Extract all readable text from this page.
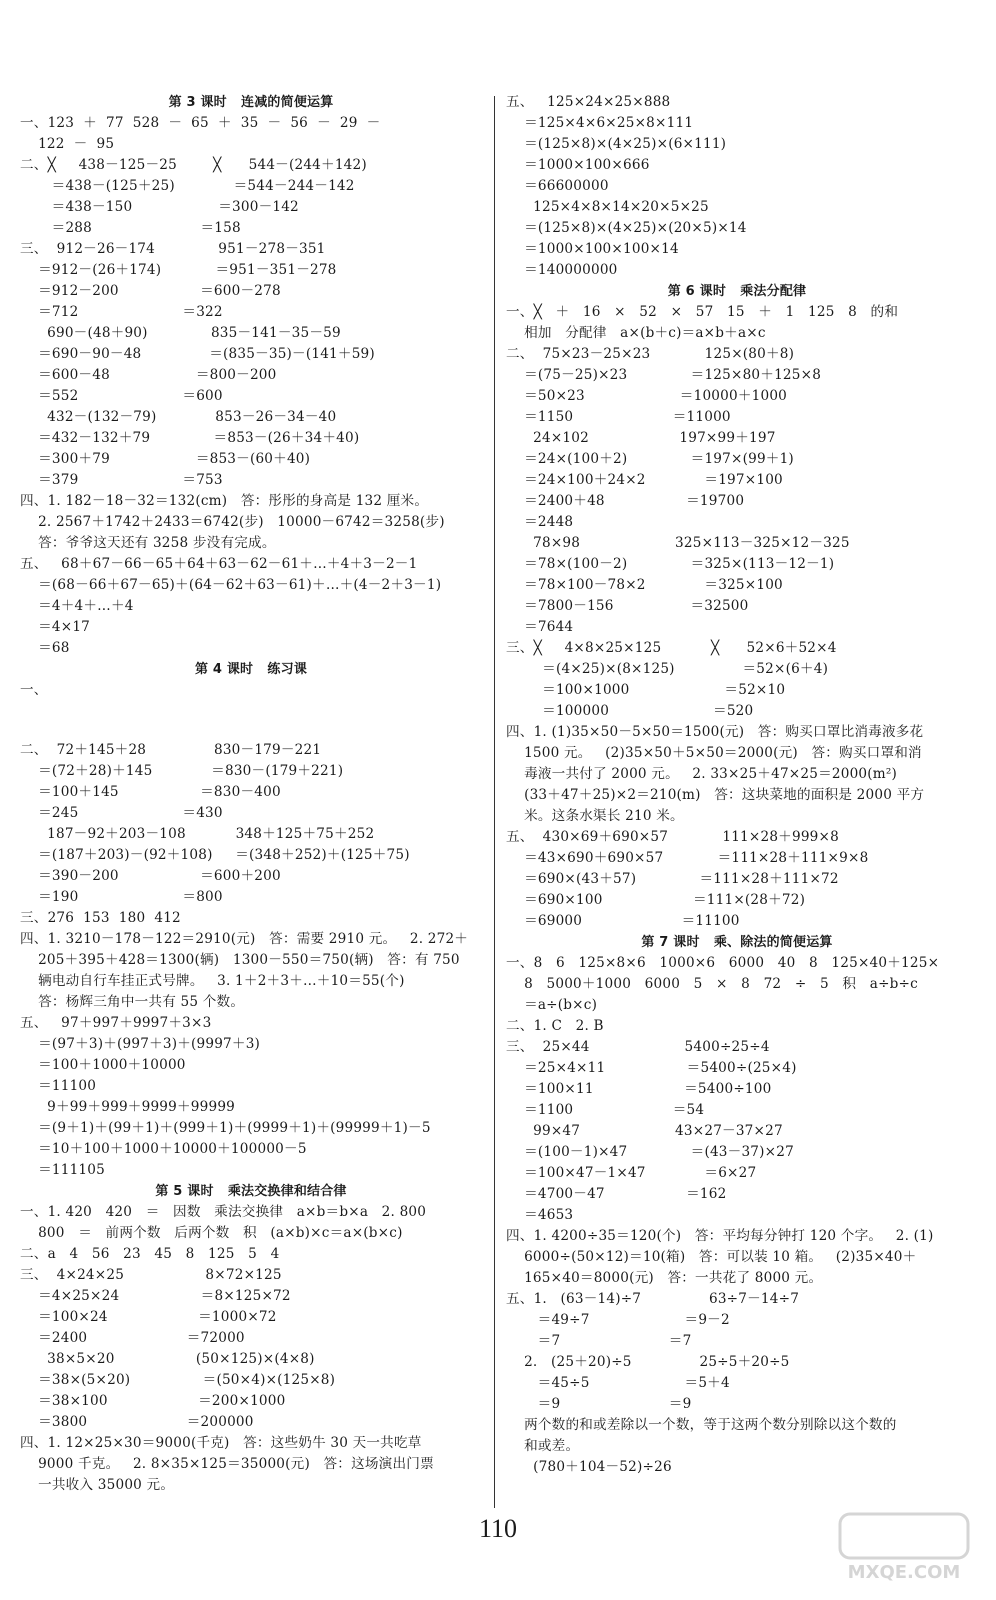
第 3 课时   连减的简便运算
一、123  ＋  77  528  －  65  ＋  35  －  56  －  29  －
122  －  95
二、╳     438－125－25        ╳      544－(244＋142)
＝438－(125＋25)             ＝544－244－142
＝438－150                   ＝300－142
＝288                        ＝158
三、  912－26－174              951－278－351
＝912－(26＋174)            ＝951－351－278
＝912－200                  ＝600－278
＝712                       ＝322
690－(48＋90)              835－141－35－59
＝690－90－48               ＝(835－35)－(141＋59)
＝600－48                   ＝800－200
＝552                       ＝600
432－(132－79)             853－26－34－40
＝432－132＋79              ＝853－(26＋34＋40)
＝300＋79                   ＝853－(60＋40)
＝379                       ＝753
四、1. 182－18－32＝132(cm)   答：彤彤的身高是 132 厘米。
2. 2567＋1742＋2433＝6742(步)   10000－6742＝3258(步)
答：爷爷这天还有 3258 步没有完成。
五、   68＋67－66－65＋64＋63－62－61＋…＋4＋3－2－1
＝(68－66＋67－65)＋(64－62＋63－61)＋…＋(4－2＋3－1)
＝4＋4＋…＋4
＝4×17
＝68
第 4 课时   练习课
一、
二、  72＋145＋28               830－179－221
＝(72＋28)＋145             ＝830－(179＋221)
＝100＋145                  ＝830－400
＝245                       ＝430
187－92＋203－108           348＋125＋75＋252
＝(187＋203)－(92＋108)     ＝(348＋252)＋(125＋75)
＝390－200                  ＝600＋200
＝190                       ＝800
三、276  153  180  412
四、1. 3210－178－122＝2910(元)   答：需要 2910 元。   2. 272＋
205＋395＋428＝1300(辆)   1300－550＝750(辆)   答：有 750
辆电动自行车挂正式号牌。   3. 1＋2＋3＋…＋10＝55(个)
答：杨辉三角中一共有 55 个数。
五、   97＋997＋9997＋3×3
＝(97＋3)＋(997＋3)＋(9997＋3)
＝100＋1000＋10000
＝11100
9＋99＋999＋9999＋99999
＝(9＋1)＋(99＋1)＋(999＋1)＋(9999＋1)＋(99999＋1)－5
＝10＋100＋1000＋10000＋100000－5
＝111105
第 5 课时   乘法交换律和结合律
一、1. 420   420   ＝   因数   乘法交换律   a×b＝b×a   2. 800
800   ＝   前两个数   后两个数   积   (a×b)×c＝a×(b×c)
二、a   4   56   23   45   8   125   5   4
三、  4×24×25                  8×72×125
＝4×25×24                  ＝8×125×72
＝100×24                    ＝1000×72
＝2400                      ＝72000
38×5×20                  (50×125)×(4×8)
＝38×(5×20)                ＝(50×4)×(125×8)
＝38×100                    ＝200×1000
＝3800                      ＝200000
四、1. 12×25×30＝9000(千克)   答：这些奶牛 30 天一共吃草
9000 千克。   2. 8×35×125＝35000(元)   答：这场演出门票
一共收入 35000 元。
五、   125×24×25×888
＝125×4×6×25×8×111
＝(125×8)×(4×25)×(6×111)
＝1000×100×666
＝66600000
125×4×8×14×20×5×25
＝(125×8)×(4×25)×(20×5)×14
＝1000×100×100×14
＝140000000
第 6 课时   乘法分配律
一、╳   ＋   16   ×   52   ×   57   15   ＋   1   125   8   的和
相加   分配律   a×(b＋c)＝a×b＋a×c
二、  75×23－25×23            125×(80＋8)
＝(75－25)×23              ＝125×80＋125×8
＝50×23                     ＝10000＋1000
＝1150                      ＝11000
24×102                    197×99＋197
＝24×(100＋2)              ＝197×(99＋1)
＝24×100＋24×2             ＝197×100
＝2400＋48                  ＝19700
＝2448
78×98                     325×113－325×12－325
＝78×(100－2)              ＝325×(113－12－1)
＝78×100－78×2             ＝325×100
＝7800－156                 ＝32500
＝7644
三、╳     4×8×25×125           ╳      52×6＋52×4
＝(4×25)×(8×125)               ＝52×(6＋4)
＝100×1000                     ＝52×10
＝100000                       ＝520
四、1. (1)35×50－5×50＝1500(元)   答：购买口罩比消毒液多花
1500 元。   (2)35×50＋5×50＝2000(元)   答：购买口罩和消
毒液一共付了 2000 元。   2. 33×25＋47×25＝2000(m²)
(33＋47＋25)×2＝210(m)   答：这块菜地的面积是 2000 平方
米。这条水渠长 210 米。
五、  430×69＋690×57            111×28＋999×8
＝43×690＋690×57            ＝111×28＋111×9×8
＝690×(43＋57)              ＝111×28＋111×72
＝690×100                    ＝111×(28＋72)
＝69000                      ＝11100
第 7 课时   乘、除法的简便运算
一、8   6   125×8×6   1000×6   6000   40   8   125×40＋125×
8   5000＋1000   6000   5   ×   8   72   ÷   5   积   a÷b÷c
＝a÷(b×c)
二、1. C   2. B
三、  25×44                     5400÷25÷4
＝25×4×11                  ＝5400÷(25×4)
＝100×11                    ＝5400÷100
＝1100                      ＝54
99×47                     43×27－37×27
＝(100－1)×47              ＝(43－37)×27
＝100×47－1×47             ＝6×27
＝4700－47                  ＝162
＝4653
四、1. 4200÷35＝120(个)   答：平均每分钟打 120 个字。   2. (1)
6000÷(50×12)＝10(箱)   答：可以装 10 箱。   (2)35×40＋
165×40＝8000(元)   答：一共花了 8000 元。
五、1.   (63－14)÷7               63÷7－14÷7
＝49÷7                     ＝9－2
＝7                        ＝7
2.   (25＋20)÷5               25÷5＋20÷5
＝45÷5                     ＝5＋4
＝9                        ＝9
两个数的和或差除以一个数，等于这两个数分别除以这个数的
和或差。
(780＋104－52)÷26
110
MXQE.COM
